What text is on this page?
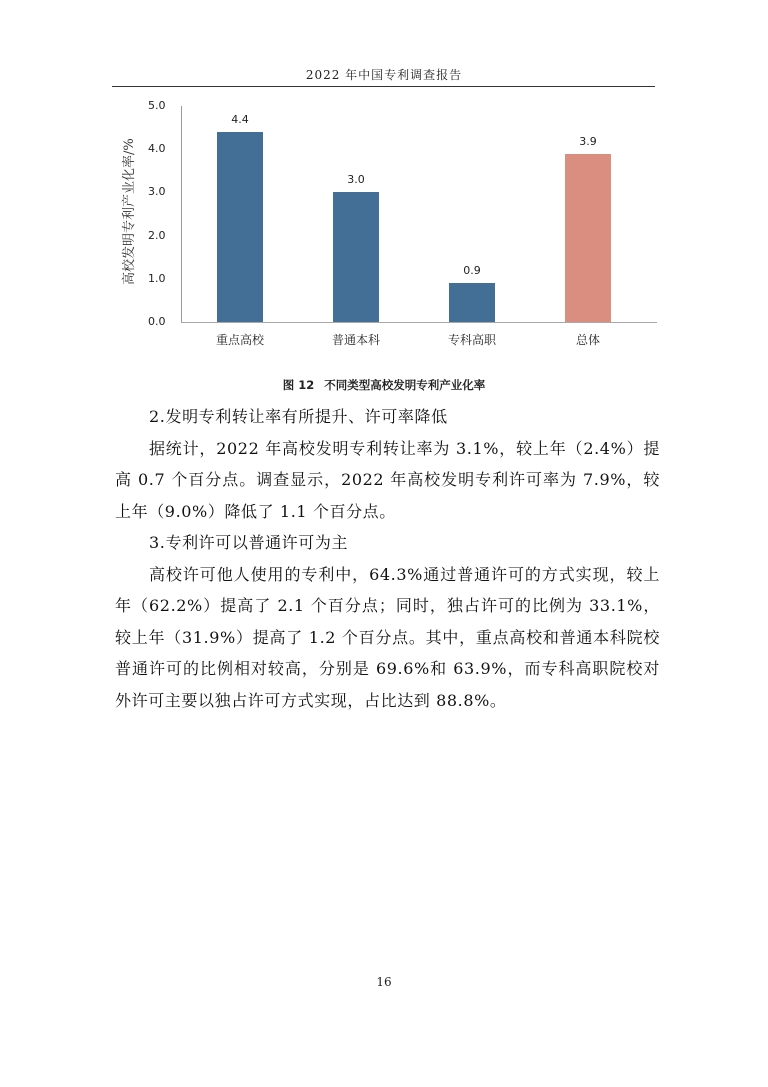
2022 年中国专利调查报告
高校发明专利产业化率/%
5.0
4.0
3.0
2.0
1.0
0.0
4.4
3.0
0.9
3.9
重点高校	普通本科	专科高职	总体
图 12 不同类型高校发明专利产业化率

2.发明专利转让率有所提升、许可率降低

据统计，2022 年高校发明专利转让率为 3.1%，较上年（2.4%）提高 0.7 个百分点。调查显示，2022 年高校发明专利许可率为 7.9%，较上年（9.0%）降低了 1.1 个百分点。

3.专利许可以普通许可为主

高校许可他人使用的专利中，64.3%通过普通许可的方式实现，较上年（62.2%）提高了 2.1 个百分点；同时，独占许可的比例为 33.1%，较上年（31.9%）提高了 1.2 个百分点。其中，重点高校和普通本科院校普通许可的比例相对较高，分别是 69.6%和 63.9%，而专科高职院校对外许可主要以独占许可方式实现，占比达到 88.8%。

16
